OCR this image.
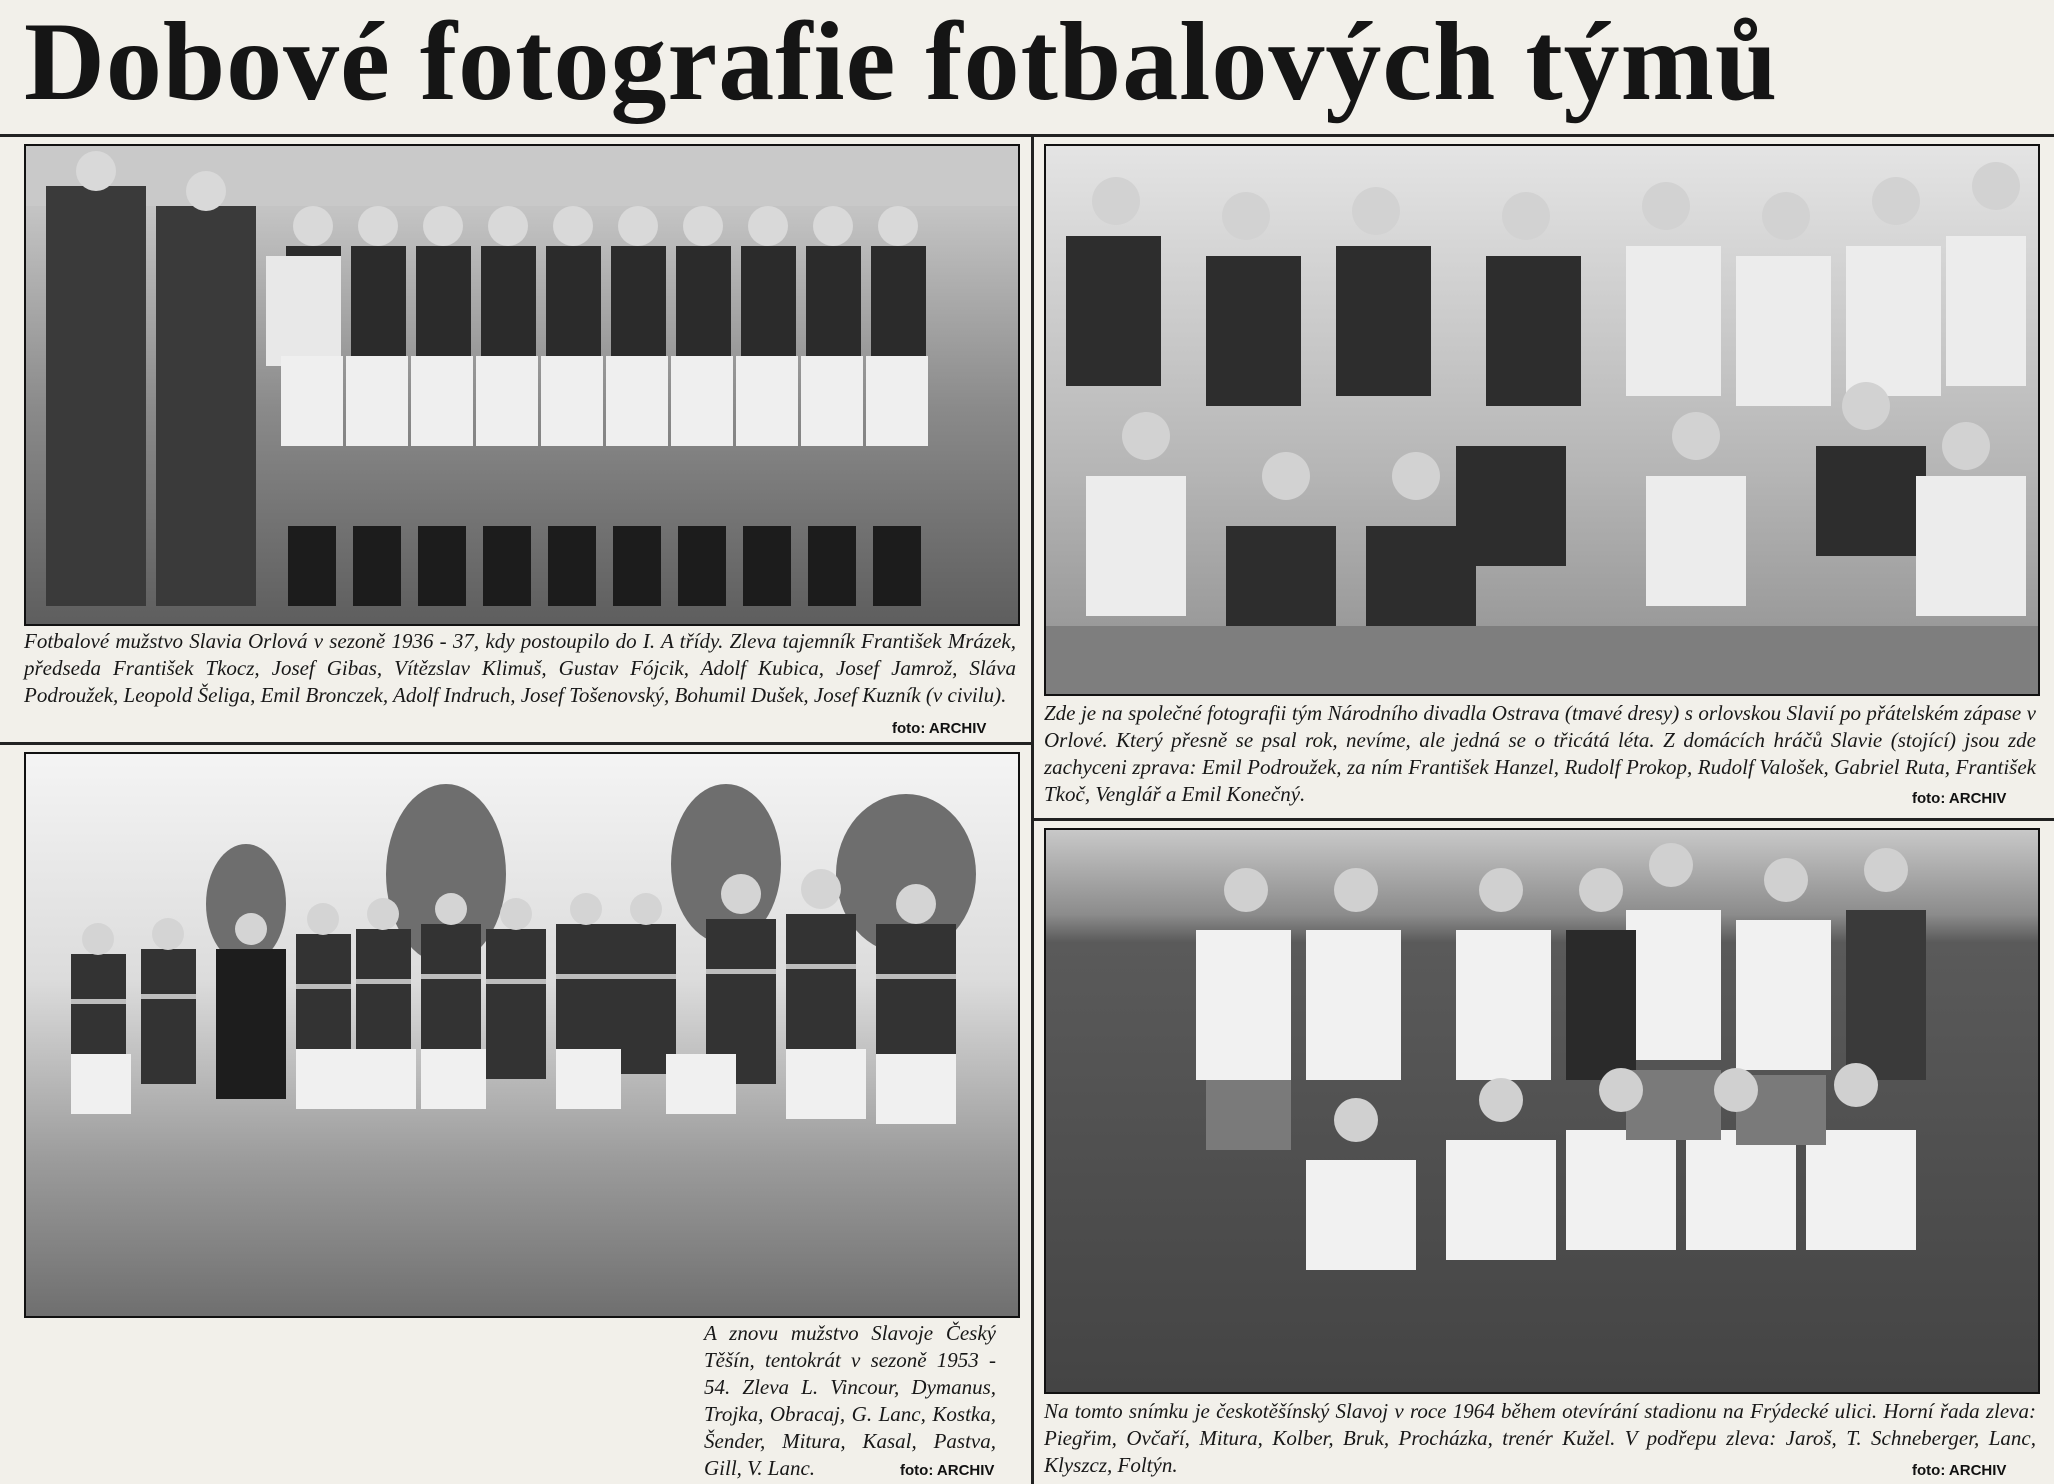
Dobové fotografie fotbalových týmů
Fotbalové mužstvo Slavia Orlová v sezoně 1936 - 37, kdy postoupilo do I. A třídy. Zleva tajemník František Mrázek, předseda František Tkocz, Josef Gibas, Vítězslav Klimuš, Gustav Fójcik, Adolf Kubica, Josef Jamrož, Sláva Podroužek, Leopold Šeliga, Emil Bronczek, Adolf Indruch, Josef Tošenovský, Bohumil Dušek, Josef Kuzník (v civilu).
foto: ARCHIV
Zde je na společné fotografii tým Národního divadla Ostrava (tmavé dresy) s orlovskou Slavií po přátelském zápase v Orlové. Který přesně se psal rok, nevíme, ale jedná se o třicátá léta. Z domácích hráčů Slavie (stojící) jsou zde zachyceni zprava: Emil Podroužek, za ním František Hanzel, Rudolf Prokop, Rudolf Valošek, Gabriel Ruta, František Tkoč, Venglář a Emil Konečný.	foto: ARCHIV
A znovu mužstvo Slavoje Český Těšín, tentokrát v sezoně 1953 - 54. Zleva L. Vincour, Dymanus, Trojka, Obracaj, G. Lanc, Kostka, Šender, Mitura, Kasal, Pastva, Gill, V. Lanc.	foto: ARCHIV
Na tomto snímku je českotěšínský Slavoj v roce 1964 během otevírání stadionu na Frýdecké ulici. Horní řada zleva: Piegřim, Ovčaří, Mitura, Kolber, Bruk, Procházka, trenér Kužel. V podřepu zleva: Jaroš, T. Schneberger, Lanc, Klyszcz, Foltýn.	foto: ARCHIV
